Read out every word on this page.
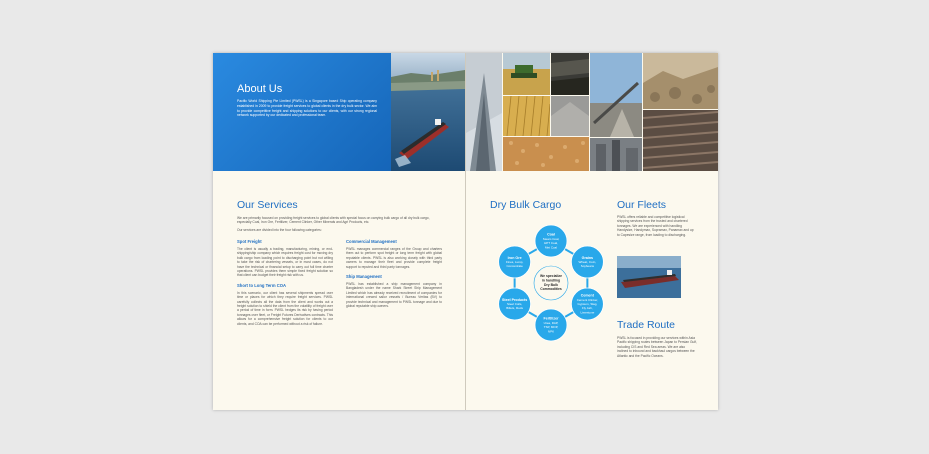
About Us
Pacific World Shipping Pte Limited (PWSL) is a Singapore based Ship operating company established in 2009 to provide freight services to global clients in the dry bulk sector. We aim to provide competitive freight and shipping solutions to our clients, with our strong regional network supported by our dedicated and professional team.
Our Services
We are primarily focused on providing freight services to global clients with special focus on carrying bulk cargo of all dry bulk cargo, especially Coal, Iron Ore, Fertilizer, Cement Clinker, Other Minerals and Agri Products, etc.
Our services are divided into the four following categories:
Spot Freight
The client is usually a trading, manufacturing, mining, or end-shipping/ship company which requires freight cost for moving dry bulk cargo from loading point to discharging point but not willing to take the risk of chartering vessels, or in most cases, do not have the technical or financial setup to carry out full time charter operations. PWSL provides them simple fixed freight solution so that client can budget their freight risk with us.
Short to Long Term COA
In this scenario, our client has several shipments spread over time or places for which they require freight services. PWSL carefully collects all the data from the client and works out a freight solution to shield the client from the volatility of freight over a period of time in form. PWSL hedges its risk by having period tonnages over fleet, or Freight Futures Derivatives contracts. This allows for a comprehensive freight solution for clients to our clients, and COA can be performed without a risk of failure.
Commercial Management
PWSL manages commercial ranges of the Group and charters them out to perform spot freight or long term freight with global reputable clients. PWSL is also working closely with third party owners to manage their fleet and provide complete freight support to reputed and third party tonnages.
Ship Management
PWSL has established a ship management company in Bangladesh under the name Shark Street Ship Management Limited which has already received recruitment of companies for international crewed sailor vessels / Bureau Veritas (BV) to provide technical and management to PWSL tonnage and due to global reputable ship owners.
Dry Bulk Cargo
We specialize
in handling
Dry Bulk
Commodities
Coal
Steam Coal,
HPT Coal,
Met Coal
Grains
Wheat, Corn,
Soybeans
Cement
Cement Clinker,
Gypsum, Slag,
Fly Ash,
Limestone
Fertilizer
Urea, DAP,
TSP, MOP,
NPK
Steel Products
Steel Coils,
Billets, Rods
Iron Ore
Fines, Lump,
Concentrate
Our Fleets
PWSL offers reliable and competitive logistical shipping services from the trusted and chartered tonnages. We are experienced with handling Handysize, Handymax, Supramax, Panamax and up to Capesize range, from loading to discharging.
Trade Route
PWSL is focused in providing our services within Asia Pacific shipping routes between Japan to Persian Gulf, including CIS and Red Sea areas. We are also inclined to inbound and backhaul cargos between the Atlantic and the Pacific Oceans.
